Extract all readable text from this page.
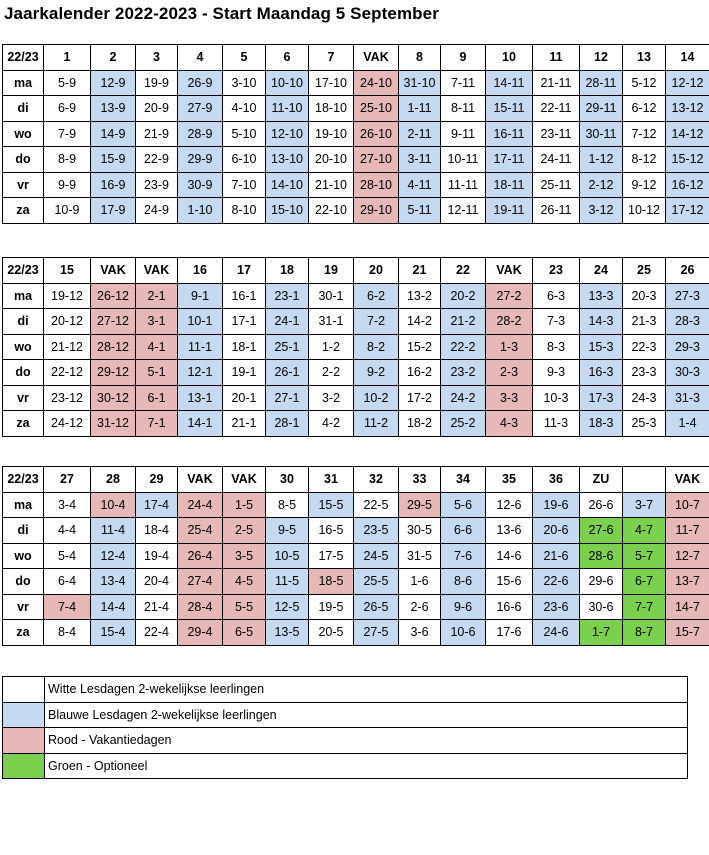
Jaarkalender 2022-2023 - Start Maandag 5 September
22/23	1	2	3	4	5	6	7	VAK	8	9	10	11	12	13	14
ma	5-9	12-9	19-9	26-9	3-10	10-10	17-10	24-10	31-10	7-11	14-11	21-11	28-11	5-12	12-12
di	6-9	13-9	20-9	27-9	4-10	11-10	18-10	25-10	1-11	8-11	15-11	22-11	29-11	6-12	13-12
wo	7-9	14-9	21-9	28-9	5-10	12-10	19-10	26-10	2-11	9-11	16-11	23-11	30-11	7-12	14-12
do	8-9	15-9	22-9	29-9	6-10	13-10	20-10	27-10	3-11	10-11	17-11	24-11	1-12	8-12	15-12
vr	9-9	16-9	23-9	30-9	7-10	14-10	21-10	28-10	4-11	11-11	18-11	25-11	2-12	9-12	16-12
za	10-9	17-9	24-9	1-10	8-10	15-10	22-10	29-10	5-11	12-11	19-11	26-11	3-12	10-12	17-12
22/23	15	VAK	VAK	16	17	18	19	20	21	22	VAK	23	24	25	26
ma	19-12	26-12	2-1	9-1	16-1	23-1	30-1	6-2	13-2	20-2	27-2	6-3	13-3	20-3	27-3
di	20-12	27-12	3-1	10-1	17-1	24-1	31-1	7-2	14-2	21-2	28-2	7-3	14-3	21-3	28-3
wo	21-12	28-12	4-1	11-1	18-1	25-1	1-2	8-2	15-2	22-2	1-3	8-3	15-3	22-3	29-3
do	22-12	29-12	5-1	12-1	19-1	26-1	2-2	9-2	16-2	23-2	2-3	9-3	16-3	23-3	30-3
vr	23-12	30-12	6-1	13-1	20-1	27-1	3-2	10-2	17-2	24-2	3-3	10-3	17-3	24-3	31-3
za	24-12	31-12	7-1	14-1	21-1	28-1	4-2	11-2	18-2	25-2	4-3	11-3	18-3	25-3	1-4
22/23	27	28	29	VAK	VAK	30	31	32	33	34	35	36	ZU		VAK
ma	3-4	10-4	17-4	24-4	1-5	8-5	15-5	22-5	29-5	5-6	12-6	19-6	26-6	3-7	10-7
di	4-4	11-4	18-4	25-4	2-5	9-5	16-5	23-5	30-5	6-6	13-6	20-6	27-6	4-7	11-7
wo	5-4	12-4	19-4	26-4	3-5	10-5	17-5	24-5	31-5	7-6	14-6	21-6	28-6	5-7	12-7
do	6-4	13-4	20-4	27-4	4-5	11-5	18-5	25-5	1-6	8-6	15-6	22-6	29-6	6-7	13-7
vr	7-4	14-4	21-4	28-4	5-5	12-5	19-5	26-5	2-6	9-6	16-6	23-6	30-6	7-7	14-7
za	8-4	15-4	22-4	29-4	6-5	13-5	20-5	27-5	3-6	10-6	17-6	24-6	1-7	8-7	15-7
	Witte Lesdagen 2-wekelijkse leerlingen
	Blauwe Lesdagen 2-wekelijkse leerlingen
	Rood - Vakantiedagen
	Groen - Optioneel
